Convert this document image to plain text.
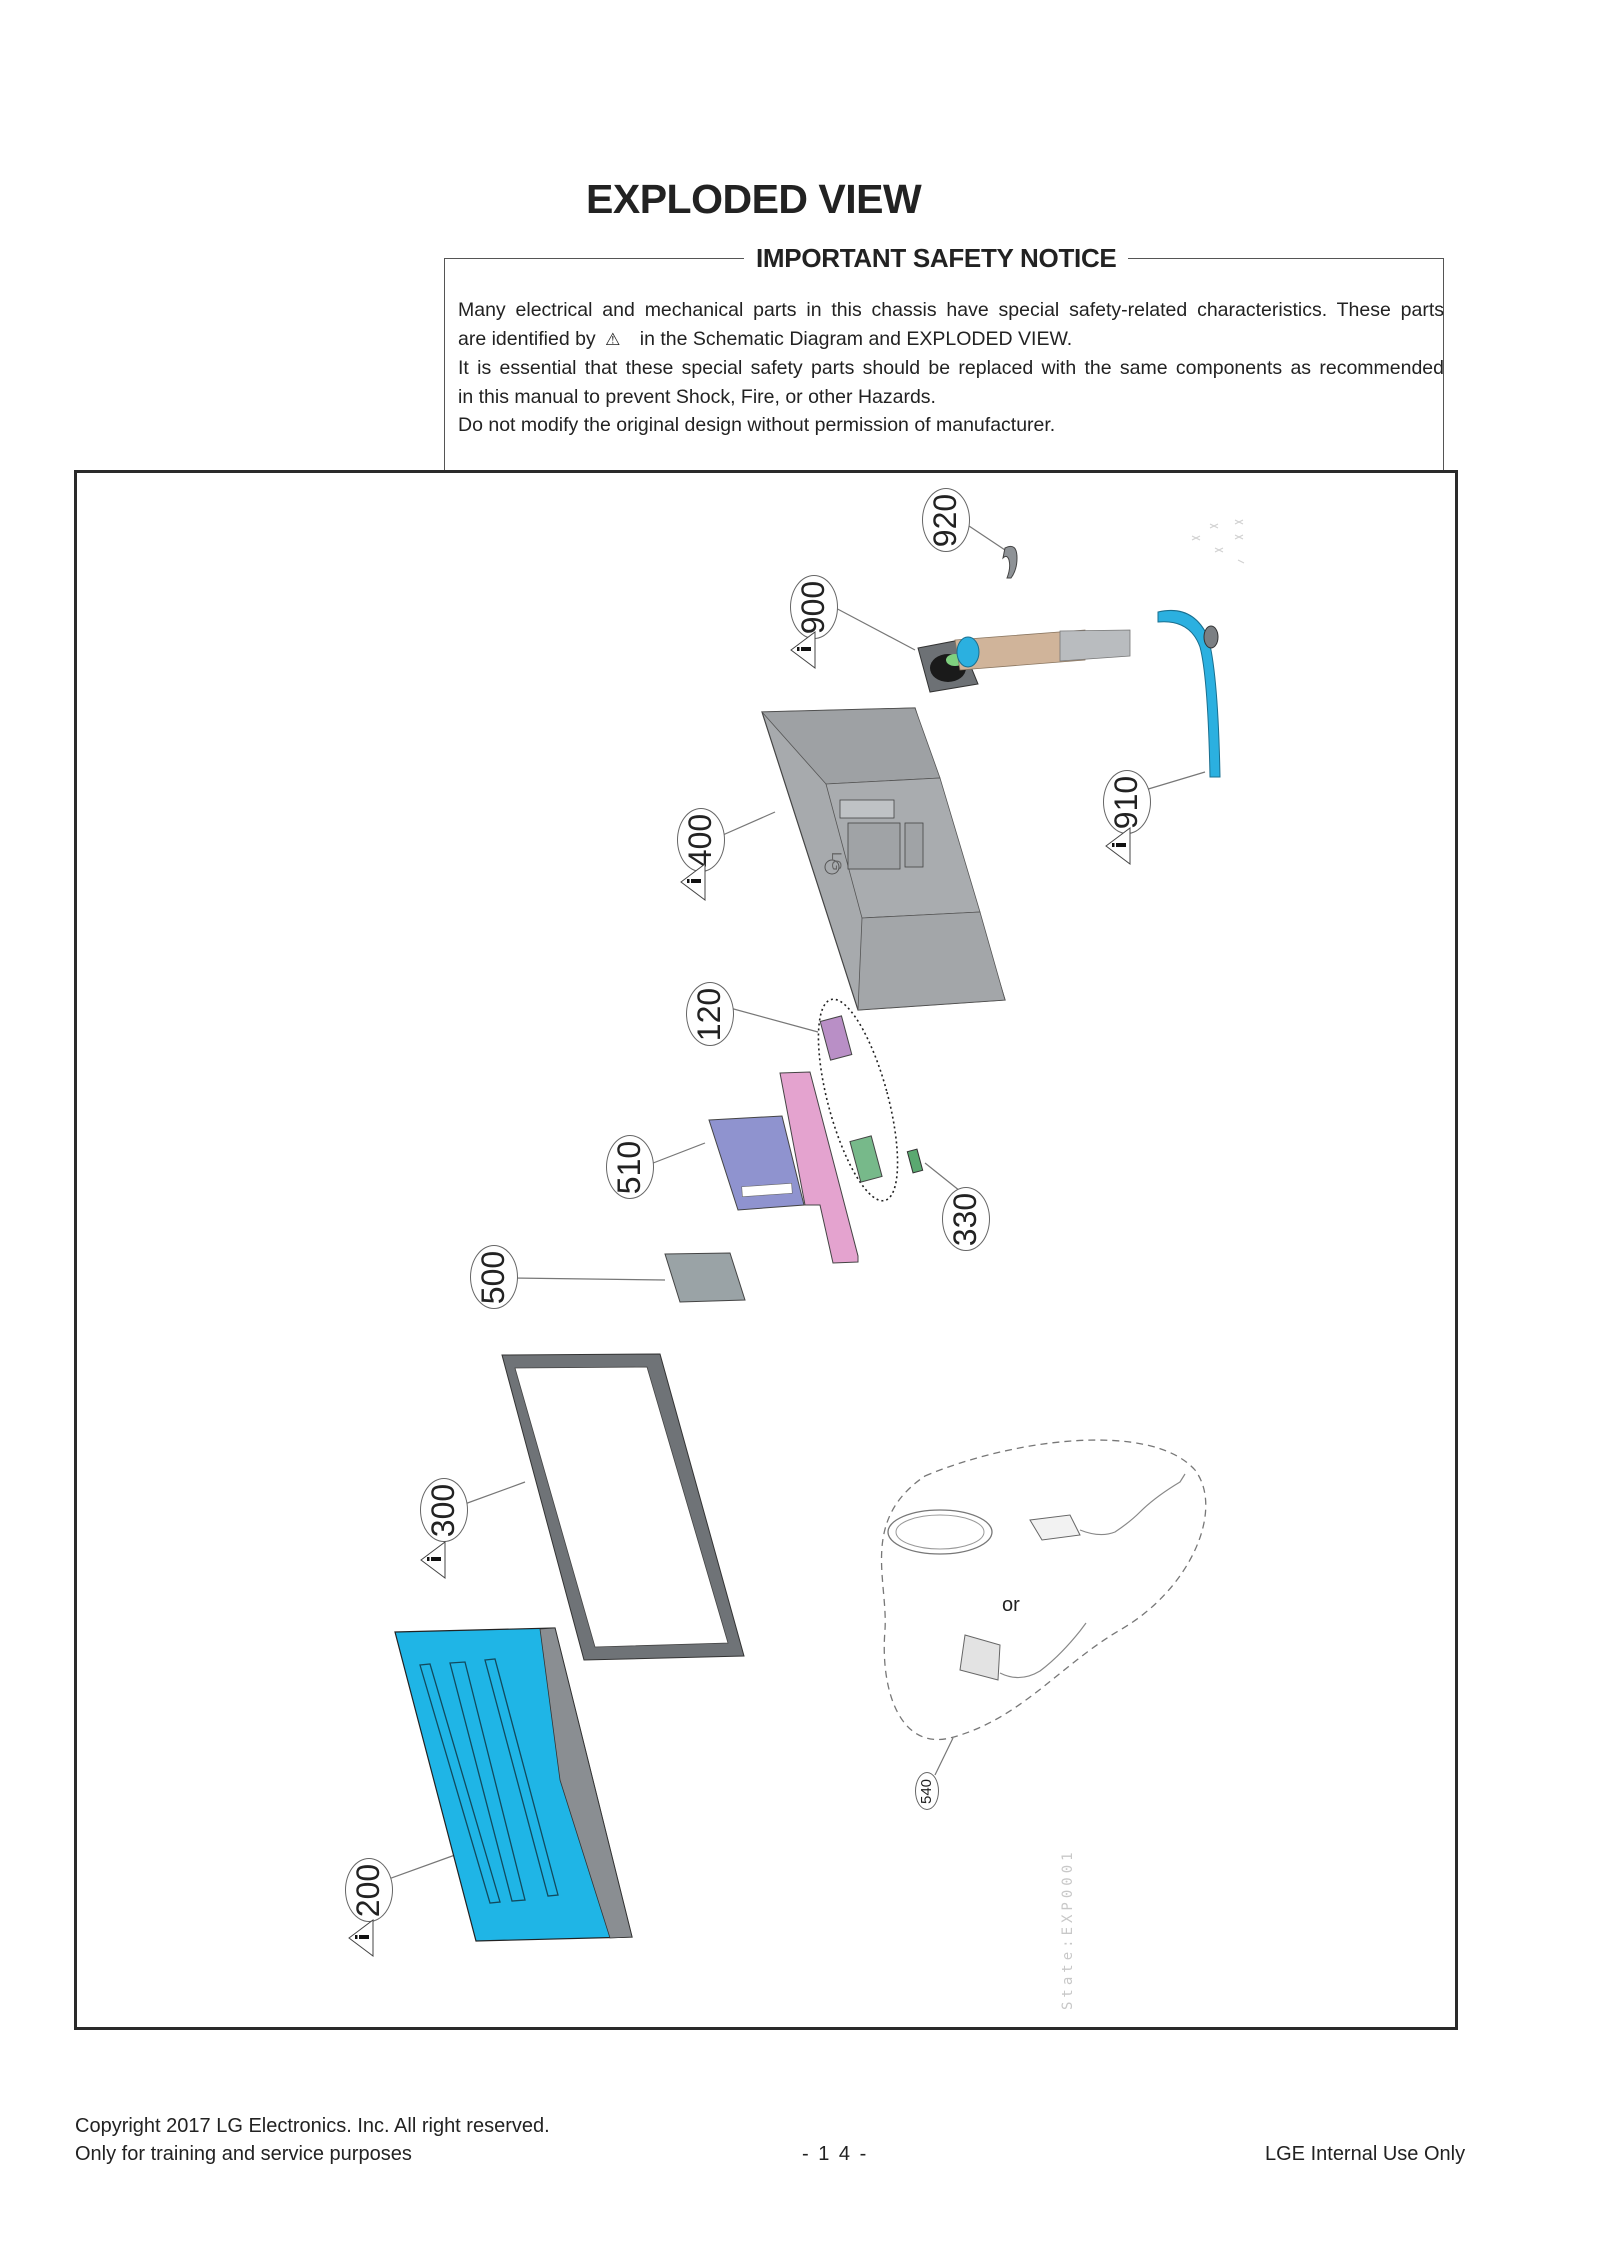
EXPLODED VIEW
IMPORTANT SAFETY NOTICE

Many electrical and mechanical parts in this chassis have special safety-related characteristics. These parts

are identified by ⚠ in the Schematic Diagram and EXPLODED VIEW.

It is essential that these special safety parts should be replaced with the same components as recommended

in this manual to prevent Shock, Fire, or other Hazards.

Do not modify the original design without permission of manufacturer.

LG
920
900
910
400
120
510
330
500
300
200
540
or
State:EXP0001
Copyright 2017 LG Electronics. Inc. All right reserved.
Only for training and service purposes	- 1 4 -	LGE Internal Use Only
